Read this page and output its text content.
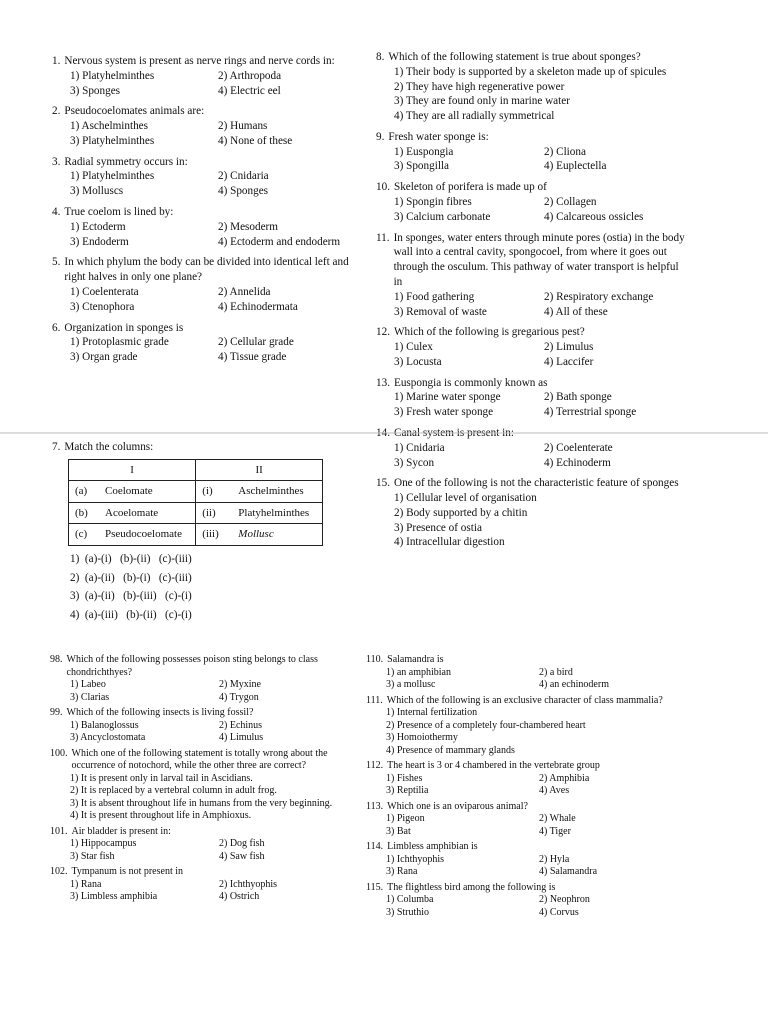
1. Nervous system is present as nerve rings and nerve cords in:
1) Platyhelminthes	2) Arthropoda
3) Sponges	4) Electric eel
2. Pseudocoelomates animals are:
1) Aschelminthes	2) Humans
3) Platyhelminthes	4) None of these
3. Radial symmetry occurs in:
1) Platyhelminthes	2) Cnidaria
3) Molluscs	4) Sponges
4. True coelom is lined by:
1) Ectoderm	2) Mesoderm
3) Endoderm	4) Ectoderm and endoderm
5. In which phylum the body can be divided into identical left and right halves in only one plane?
1) Coelenterata	2) Annelida
3) Ctenophora	4) Echinodermata
6. Organization in sponges is
1) Protoplasmic grade	2) Cellular grade
3) Organ grade	4) Tissue grade
7. Match the columns:
I		II	
(a)	Coelomate	(i)	Aschelminthes
(b)	Acoelomate	(ii)	Platyhelminthes
(c)	Pseudocoelomate	(iii)	Mollusc
1)  (a)-(i)   (b)-(ii)   (c)-(iii)
2)  (a)-(ii)   (b)-(i)   (c)-(iii)
3)  (a)-(ii)   (b)-(iii)   (c)-(i)
4)  (a)-(iii)   (b)-(ii)   (c)-(i)
8. Which of the following statement is true about sponges?
1) Their body is supported by a skeleton made up of spicules
2) They have high regenerative power
3) They are found only in marine water
4) They are all radially symmetrical
9. Fresh water sponge is:
1) Euspongia	2) Cliona
3) Spongilla	4) Euplectella
10. Skeleton of porifera is made up of
1) Spongin fibres	2) Collagen
3) Calcium carbonate	4) Calcareous ossicles
11. In sponges, water enters through minute pores (ostia) in the body wall into a central cavity, spongocoel, from where it goes out through the osculum. This pathway of water transport is helpful in
1) Food gathering	2) Respiratory exchange
3) Removal of waste	4) All of these
12. Which of the following is gregarious pest?
1) Culex	2) Limulus
3) Locusta	4) Laccifer
13. Euspongia is commonly known as
1) Marine water sponge	2) Bath sponge
3) Fresh water sponge	4) Terrestrial sponge
1) Cnidaria	2) Coelenterate
3) Sycon	4) Echinoderm
15. One of the following is not the characteristic feature of sponges
1) Cellular level of organisation
2) Body supported by a chitin
3) Presence of ostia
4) Intracellular digestion
98. Which of the following possesses poison sting belongs to class chondrichthyes?
1) Labeo	2) Myxine
3) Clarias	4) Trygon
99. Which of the following insects is living fossil?
1) Balanoglossus	2) Echinus
3) Ancyclostomata	4) Limulus
100. Which one of the following statement is totally wrong about the occurrence of notochord, while the other three are correct?
1) It is present only in larval tail in Ascidians.
2) It is replaced by a vertebral column in adult frog.
3) It is absent throughout life in humans from the very beginning.
4) It is present throughout life in Amphioxus.
101. Air bladder is present in:
1) Hippocampus	2) Dog fish
3) Star fish	4) Saw fish
102. Tympanum is not present in
1) Rana	2) Ichthyophis
3) Limbless amphibia	4) Ostrich
110. Salamandra is
1) an amphibian	2) a bird
3) a mollusc	4) an echinoderm
111. Which of the following is an exclusive character of class mammalia?
1) Internal fertilization
2) Presence of a completely four-chambered heart
3) Homoiothermy
4) Presence of mammary glands
112. The heart is 3 or 4 chambered in the vertebrate group
1) Fishes	2) Amphibia
3) Reptilia	4) Aves
113. Which one is an oviparous animal?
1) Pigeon	2) Whale
3) Bat	4) Tiger
114. Limbless amphibian is
1) Ichthyophis	2) Hyla
3) Rana	4) Salamandra
115. The flightless bird among the following is
1) Columba	2) Neophron
3) Struthio	4) Corvus
